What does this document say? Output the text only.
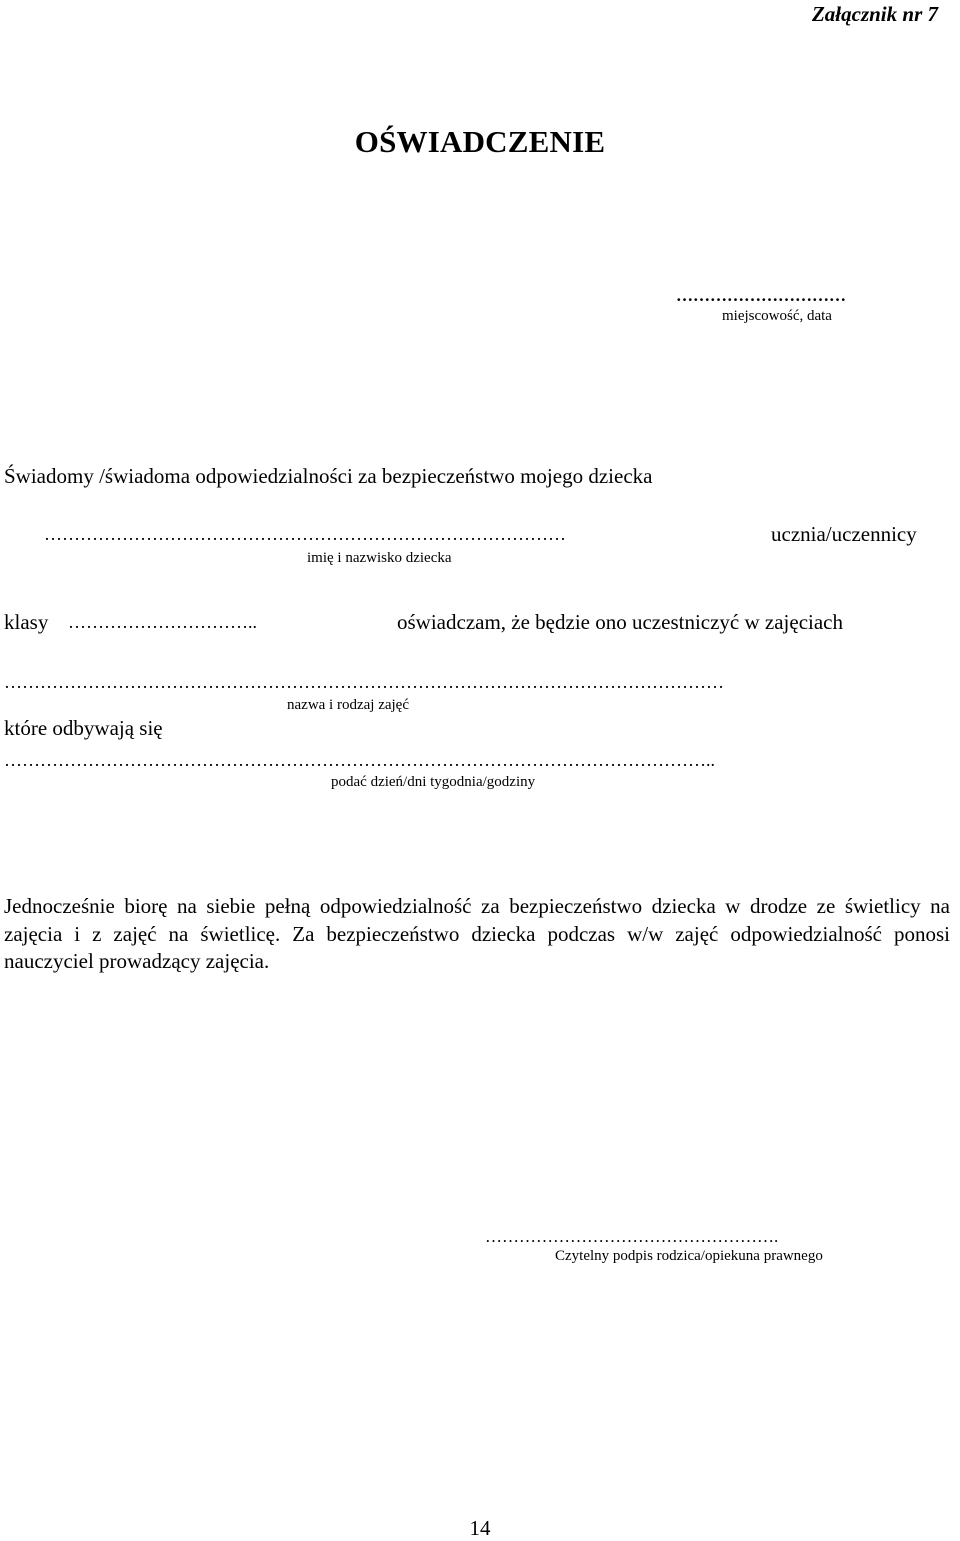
Załącznik nr 7
OŚWIADCZENIE
…………………………
miejscowość, data
Świadomy /świadoma odpowiedzialności za bezpieczeństwo mojego dziecka
……………………………………………………………………………	ucznia/uczennicy
imię i nazwisko dziecka
klasy …………………………..	oświadczam, że będzie ono uczestniczyć w zajęciach
…………………………………………………………………………………………………………
nazwa i rodzaj zajęć
które odbywają się
………………………………………………………………………………………………………..
podać dzień/dni tygodnia/godziny
Jednocześnie biorę na siebie pełną odpowiedzialność za bezpieczeństwo dziecka w drodze ze świetlicy na zajęcia i z zajęć na świetlicę. Za bezpieczeństwo dziecka podczas w/w zajęć odpowiedzialność ponosi nauczyciel prowadzący zajęcia.
…………………………………………….
Czytelny podpis rodzica/opiekuna prawnego
14
